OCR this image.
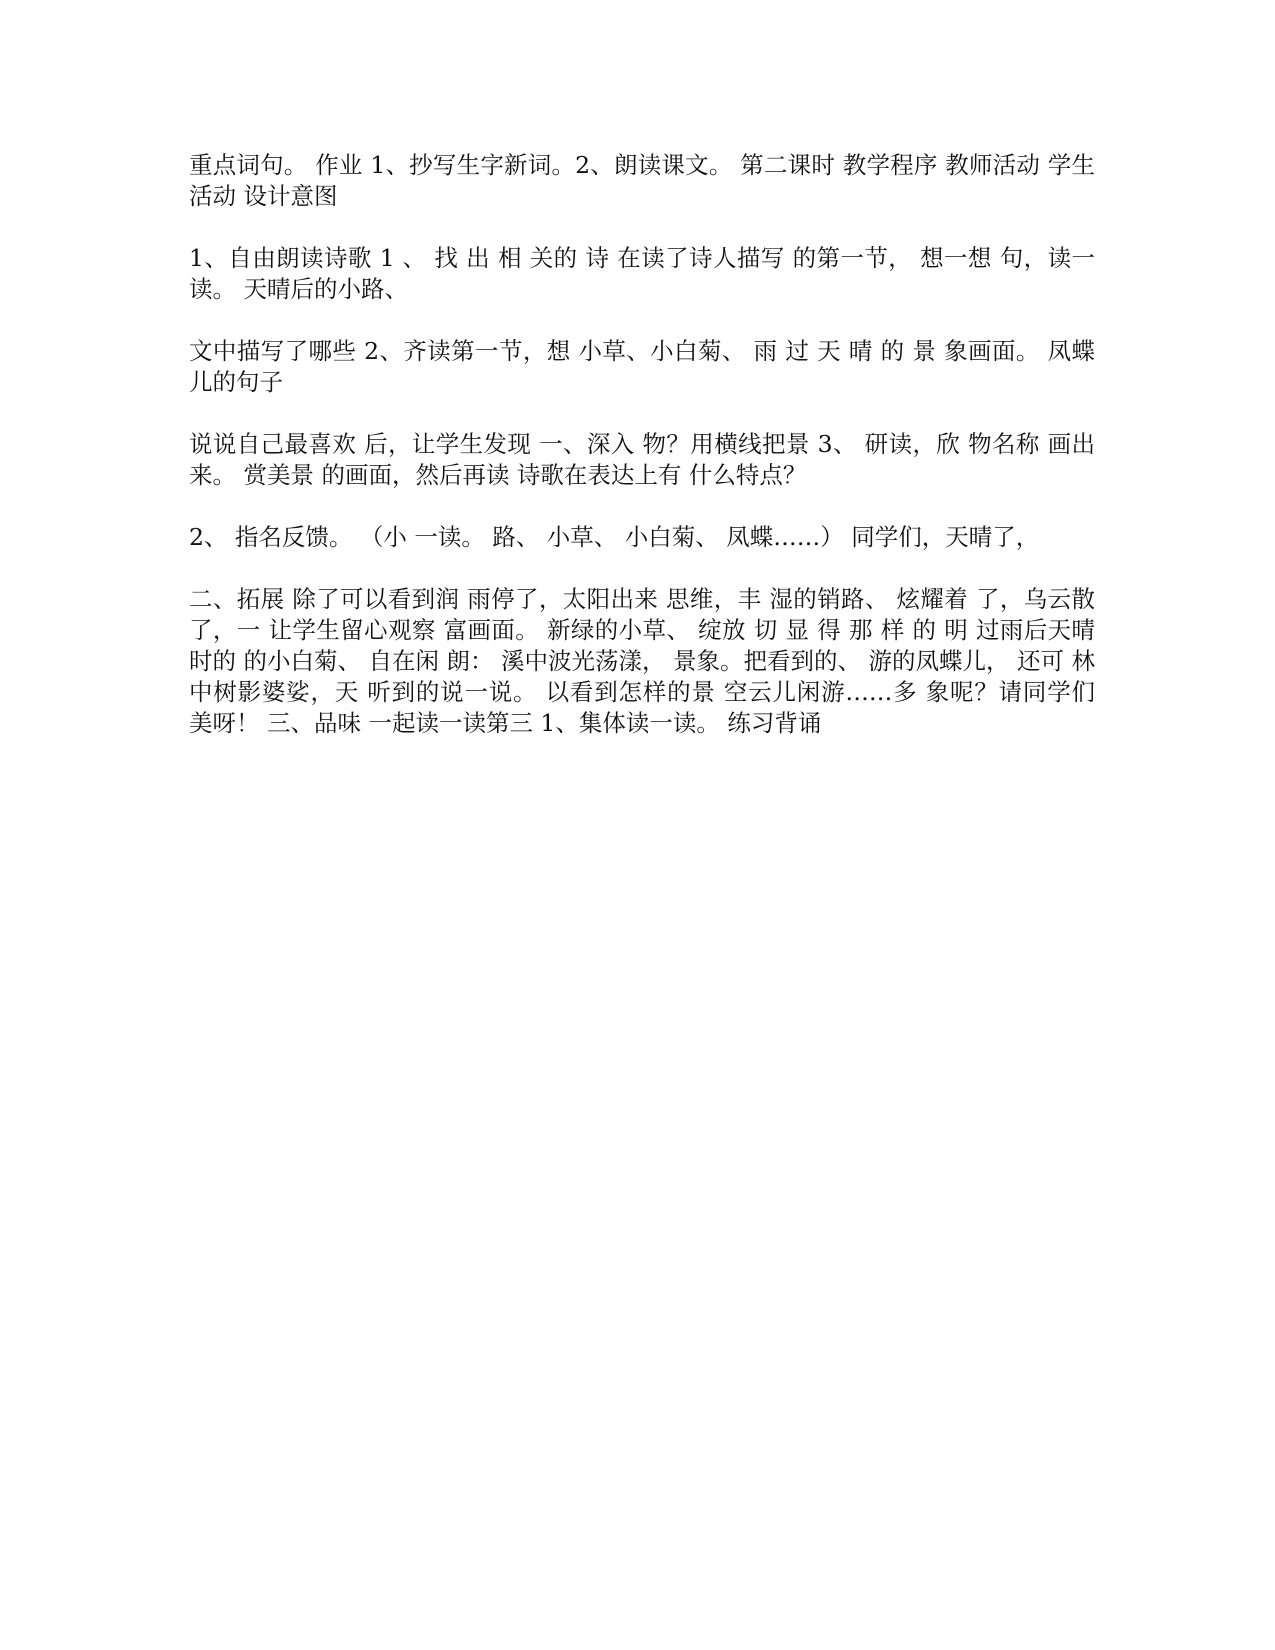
重点词句。 作业 1、抄写生字新词。2、朗读课文。 第二课时 教学程序 教师活动 学生活动 设计意图

1、自由朗读诗歌 1 、 找 出 相 关的 诗 在读了诗人描写 的第一节， 想一想 句，读一读。 天晴后的小路、

文中描写了哪些 2、齐读第一节，想 小草、小白菊、 雨 过 天 晴 的 景 象画面。 凤蝶儿的句子

说说自己最喜欢 后，让学生发现 一、深入 物？用横线把景 3、 研读，欣 物名称 画出来。 赏美景 的画面，然后再读 诗歌在表达上有 什么特点？

2、 指名反馈。 （小 一读。 路、 小草、 小白菊、 凤蝶……） 同学们，天晴了，

二、拓展 除了可以看到润 雨停了，太阳出来 思维，丰 湿的销路、 炫耀着 了，乌云散了，一 让学生留心观察 富画面。 新绿的小草、 绽放 切 显 得 那 样 的 明 过雨后天晴时的 的小白菊、 自在闲 朗： 溪中波光荡漾， 景象。把看到的、 游的凤蝶儿， 还可 林中树影婆娑，天 听到的说一说。 以看到怎样的景 空云儿闲游……多 象呢？请同学们 美呀！ 三、品味 一起读一读第三 1、集体读一读。 练习背诵
